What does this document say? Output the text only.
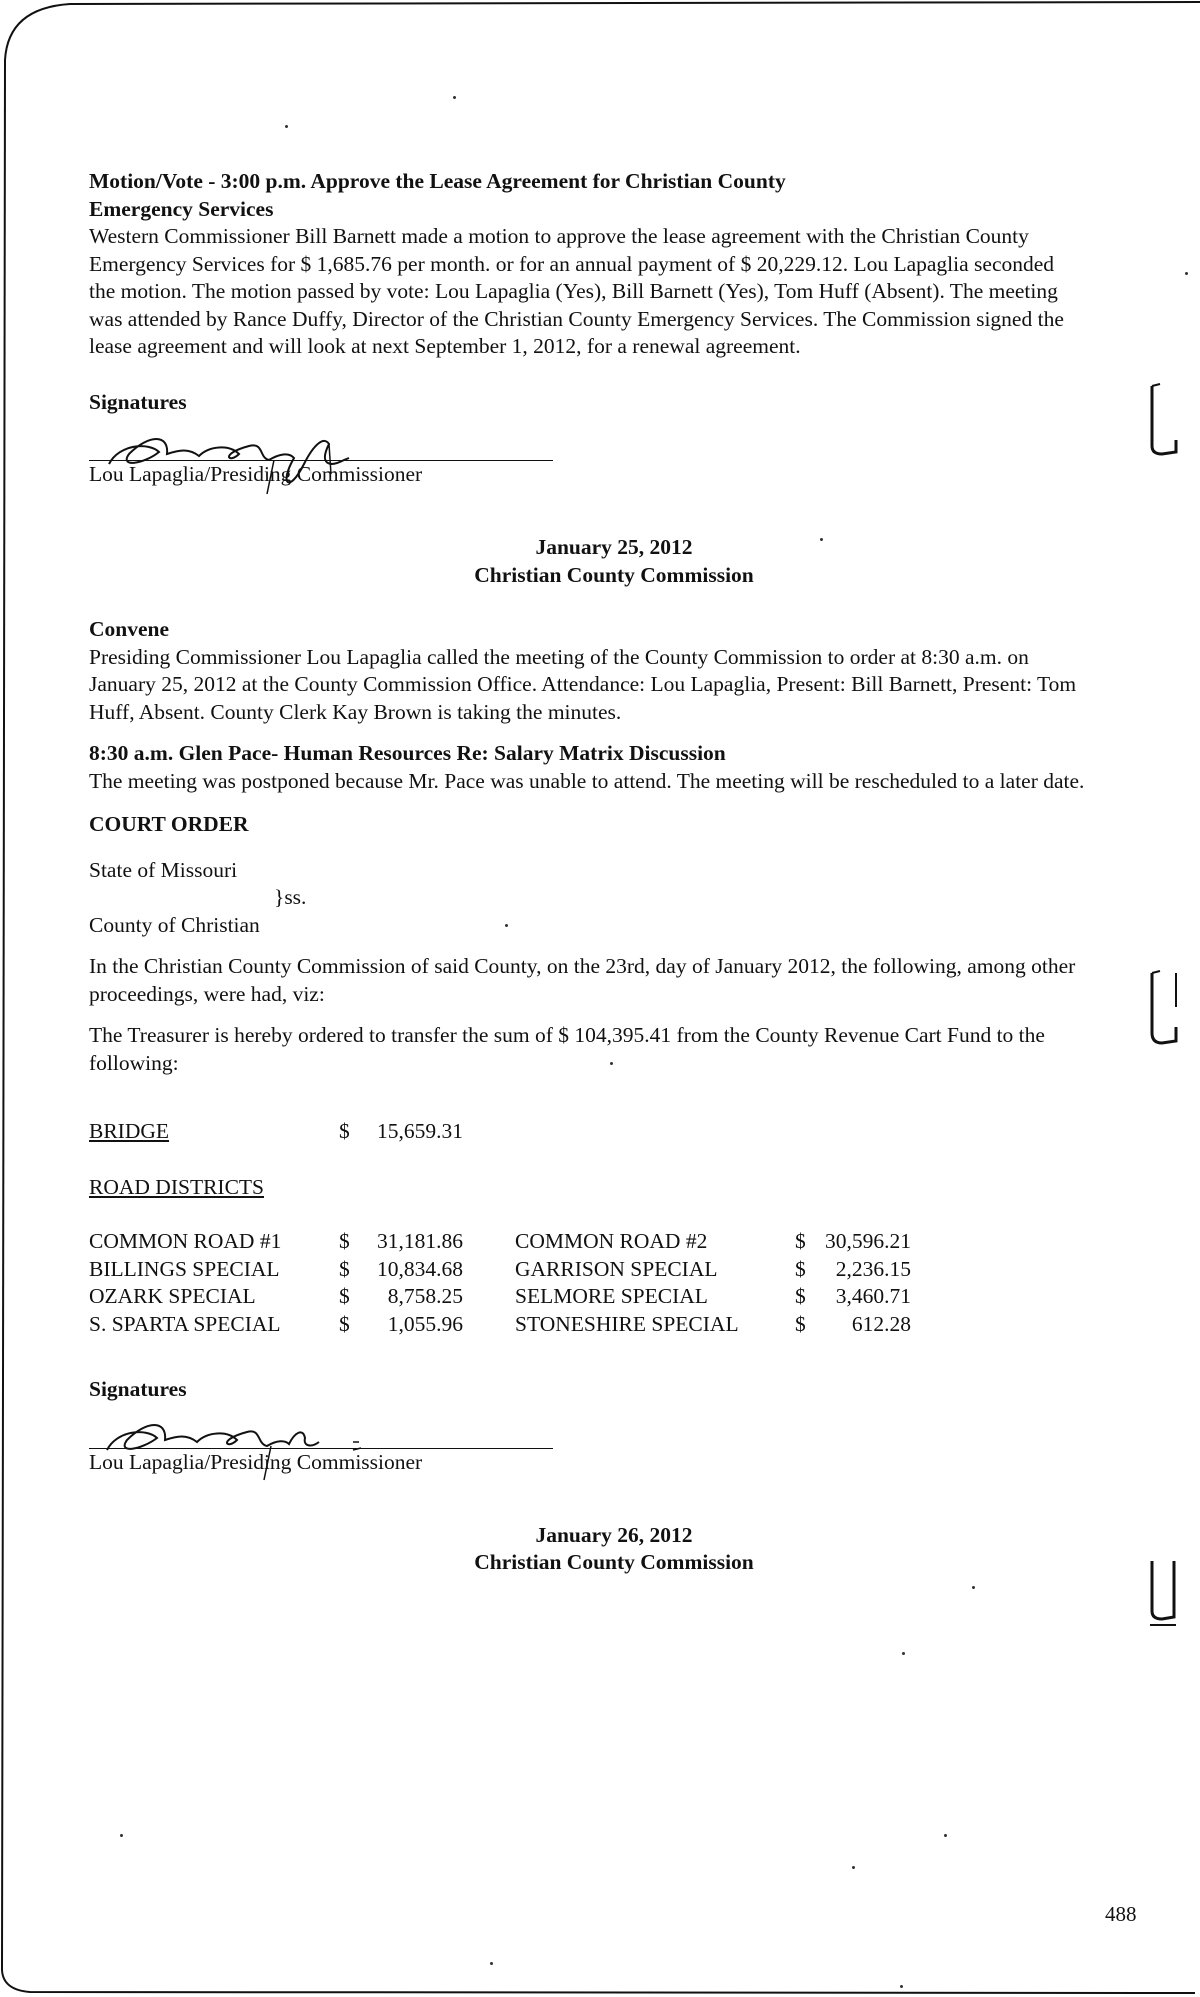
Motion/Vote - 3:00 p.m. Approve the Lease Agreement for Christian County
Emergency Services
Western Commissioner Bill Barnett made a motion to approve the lease agreement with the Christian County Emergency Services for $ 1,685.76 per month. or for an annual payment of $ 20,229.12. Lou Lapaglia seconded the motion. The motion passed by vote: Lou Lapaglia (Yes), Bill Barnett (Yes), Tom Huff (Absent). The meeting was attended by Rance Duffy, Director of the Christian County Emergency Services. The Commission signed the lease agreement and will look at next September 1, 2012, for a renewal agreement.
Signatures
Lou Lapaglia/Presiding Commissioner
January 25, 2012
Christian County Commission
Convene
Presiding Commissioner Lou Lapaglia called the meeting of the County Commission to order at 8:30 a.m. on January 25, 2012 at the County Commission Office. Attendance: Lou Lapaglia, Present: Bill Barnett, Present: Tom Huff, Absent. County Clerk Kay Brown is taking the minutes.
8:30 a.m. Glen Pace- Human Resources Re: Salary Matrix Discussion
The meeting was postponed because Mr. Pace was unable to attend. The meeting will be rescheduled to a later date.
COURT ORDER
State of Missouri
}ss.
County of Christian
In the Christian County Commission of said County, on the 23rd, day of January 2012, the following, among other proceedings, were had, viz:
The Treasurer is hereby ordered to transfer the sum of $ 104,395.41 from the County Revenue Cart Fund to the following:
BRIDGE	$	15,659.31
ROAD DISTRICTS
COMMON ROAD #1	$	31,181.86	COMMON ROAD #2	$	30,596.21
BILLINGS SPECIAL	$	10,834.68	GARRISON SPECIAL	$	2,236.15
OZARK SPECIAL	$	8,758.25	SELMORE SPECIAL	$	3,460.71
S. SPARTA SPECIAL	$	1,055.96	STONESHIRE SPECIAL	$	612.28
Signatures
Lou Lapaglia/Presiding Commissioner
January 26, 2012
Christian County Commission
488
